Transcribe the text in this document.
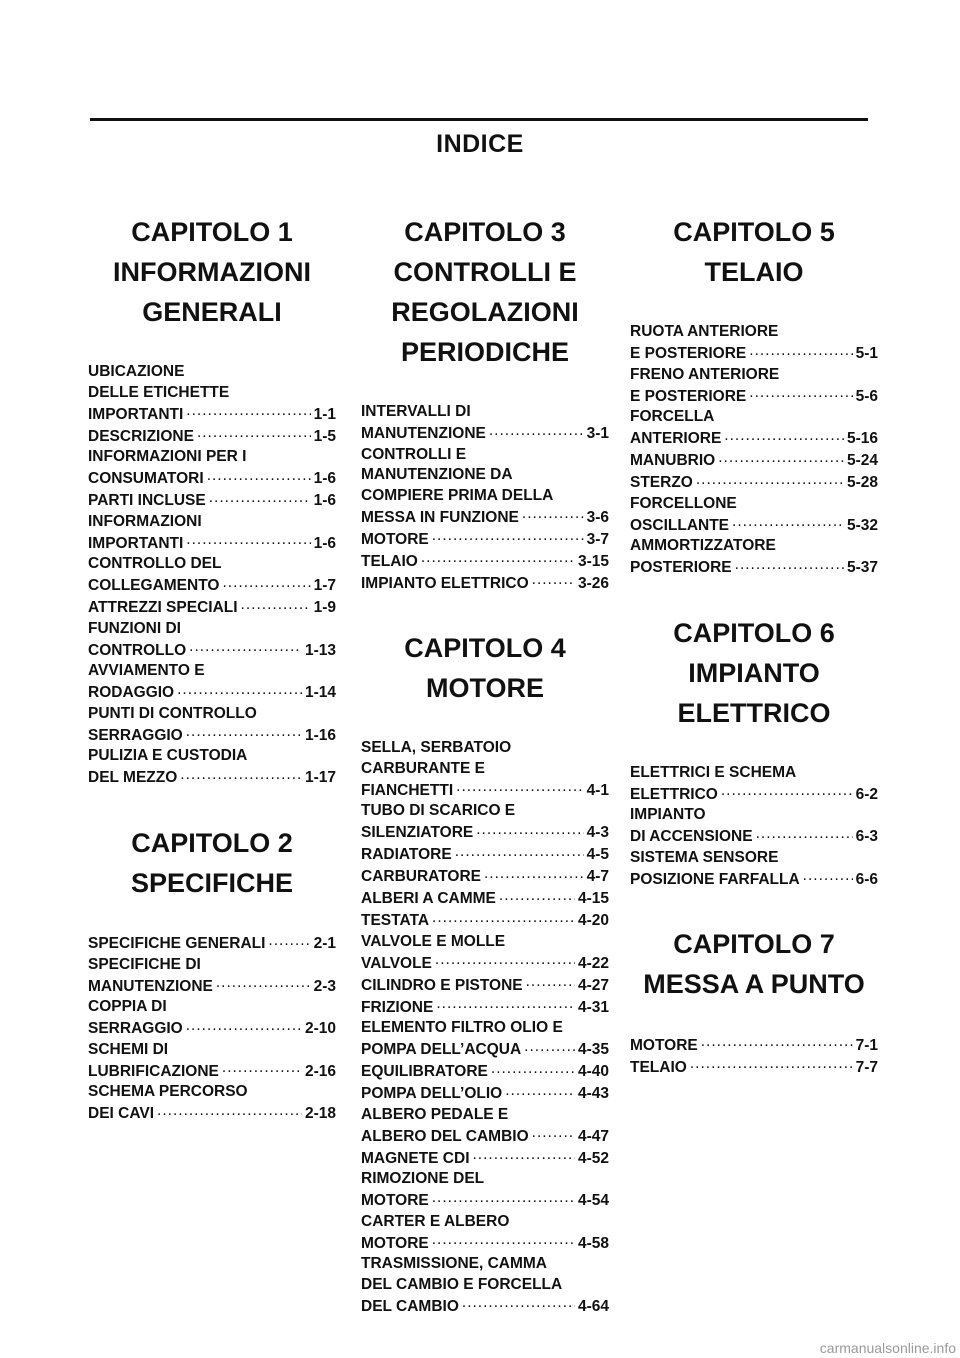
INDICE
CAPITOLO 1
INFORMAZIONI
GENERALI
UBICAZIONE
DELLE ETICHETTE
IMPORTANTI .....	1-1
DESCRIZIONE .....	1-5
INFORMAZIONI PER I
CONSUMATORI .....	1-6
PARTI INCLUSE .....	1-6
INFORMAZIONI
IMPORTANTI .....	1-6
CONTROLLO DEL
COLLEGAMENTO .....	1-7
ATTREZZI SPECIALI .....	1-9
FUNZIONI DI
CONTROLLO .....	1-13
AVVIAMENTO E
RODAGGIO .....	1-14
PUNTI DI CONTROLLO
SERRAGGIO .....	1-16
PULIZIA E CUSTODIA
DEL MEZZO .....	1-17
CAPITOLO 2
SPECIFICHE
SPECIFICHE GENERALI .....	2-1
SPECIFICHE DI
MANUTENZIONE .....	2-3
COPPIA DI
SERRAGGIO .....	2-10
SCHEMI DI
LUBRIFICAZIONE .....	2-16
SCHEMA PERCORSO
DEI CAVI .....	2-18
CAPITOLO 3
CONTROLLI E
REGOLAZIONI
PERIODICHE
INTERVALLI DI
MANUTENZIONE .....	3-1
CONTROLLI E
MANUTENZIONE DA
COMPIERE PRIMA DELLA
MESSA IN FUNZIONE .....	3-6
MOTORE .....	3-7
TELAIO .....	3-15
IMPIANTO ELETTRICO .....	3-26
CAPITOLO 4
MOTORE
SELLA, SERBATOIO
CARBURANTE E
FIANCHETTI .....	4-1
TUBO DI SCARICO E
SILENZIATORE .....	4-3
RADIATORE .....	4-5
CARBURATORE .....	4-7
ALBERI A CAMME .....	4-15
TESTATA .....	4-20
VALVOLE E MOLLE
VALVOLE .....	4-22
CILINDRO E PISTONE .....	4-27
FRIZIONE .....	4-31
ELEMENTO FILTRO OLIO E
POMPA DELL’ACQUA .....	4-35
EQUILIBRATORE .....	4-40
POMPA DELL’OLIO .....	4-43
ALBERO PEDALE E
ALBERO DEL CAMBIO .....	4-47
MAGNETE CDI .....	4-52
RIMOZIONE DEL
MOTORE .....	4-54
CARTER E ALBERO
MOTORE .....	4-58
TRASMISSIONE, CAMMA
DEL CAMBIO E FORCELLA
DEL CAMBIO .....	4-64
CAPITOLO 5
TELAIO
RUOTA ANTERIORE
E POSTERIORE .....	5-1
FRENO ANTERIORE
E POSTERIORE .....	5-6
FORCELLA
ANTERIORE .....	5-16
MANUBRIO .....	5-24
STERZO .....	5-28
FORCELLONE
OSCILLANTE .....	5-32
AMMORTIZZATORE
POSTERIORE .....	5-37
CAPITOLO 6
IMPIANTO
ELETTRICO
ELETTRICI E SCHEMA
ELETTRICO .....	6-2
IMPIANTO
DI ACCENSIONE .....	6-3
SISTEMA SENSORE
POSIZIONE FARFALLA .....	6-6
CAPITOLO 7
MESSA A PUNTO
MOTORE .....	7-1
TELAIO .....	7-7
carmanualsonline.info
